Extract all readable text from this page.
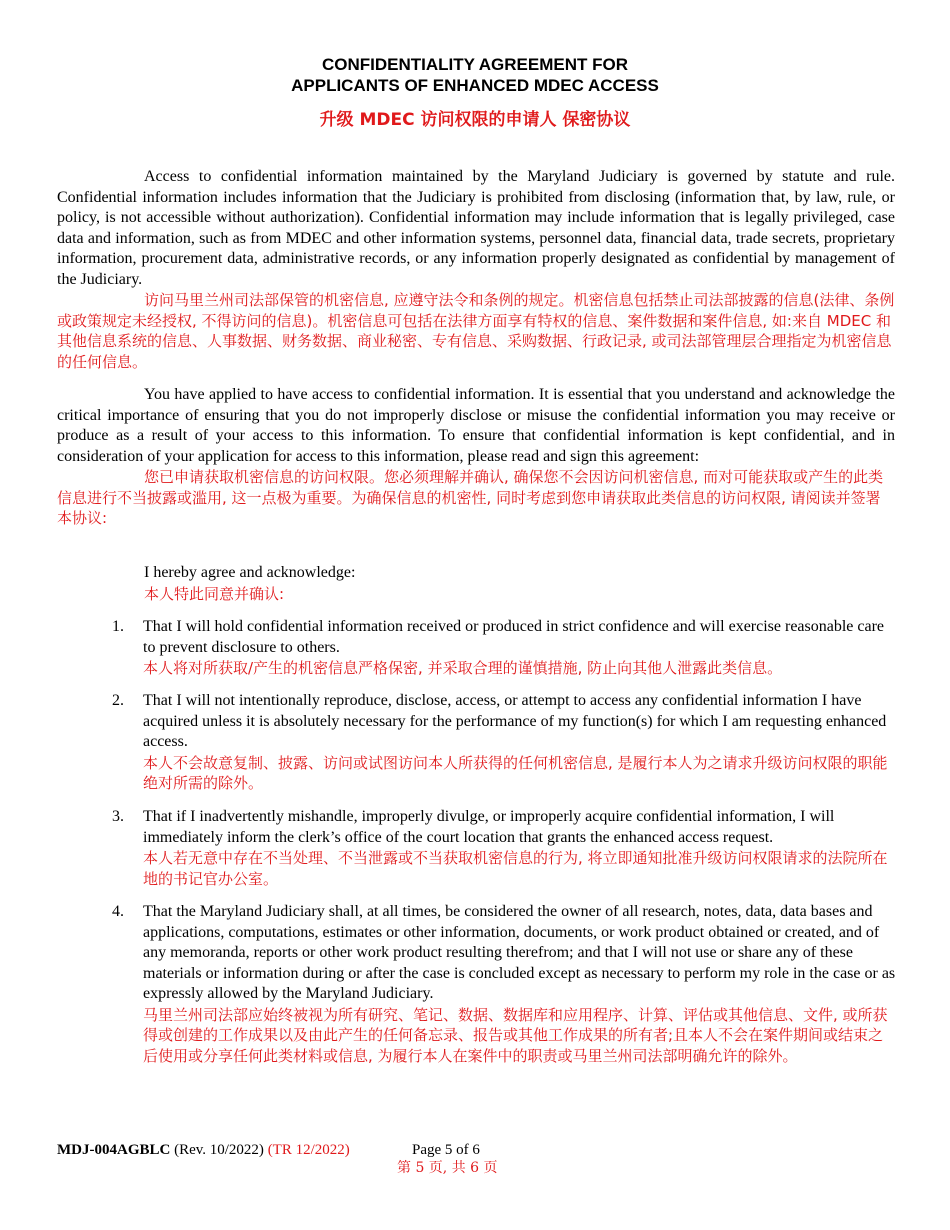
CONFIDENTIALITY AGREEMENT FOR
APPLICANTS OF ENHANCED MDEC ACCESS
升级 MDEC 访问权限的申请人 保密协议

Access to confidential information maintained by the Maryland Judiciary is governed by statute and rule. Confidential information includes information that the Judiciary is prohibited from disclosing (information that, by law, rule, or policy, is not accessible without authorization). Confidential information may include information that is legally privileged, case data and information, such as from MDEC and other information systems, personnel data, financial data, trade secrets, proprietary information, procurement data, administrative records, or any information properly designated as confidential by management of the Judiciary.

访问马里兰州司法部保管的机密信息, 应遵守法令和条例的规定。机密信息包括禁止司法部披露的信息(法律、条例或政策规定未经授权, 不得访问的信息)。机密信息可包括在法律方面享有特权的信息、案件数据和案件信息, 如:来自 MDEC 和其他信息系统的信息、人事数据、财务数据、商业秘密、专有信息、采购数据、行政记录, 或司法部管理层合理指定为机密信息的任何信息。

You have applied to have access to confidential information. It is essential that you understand and acknowledge the critical importance of ensuring that you do not improperly disclose or misuse the confidential information you may receive or produce as a result of your access to this information. To ensure that confidential information is kept confidential, and in consideration of your application for access to this information, please read and sign this agreement:

您已申请获取机密信息的访问权限。您必须理解并确认, 确保您不会因访问机密信息, 而对可能获取或产生的此类信息进行不当披露或滥用, 这一点极为重要。为确保信息的机密性, 同时考虑到您申请获取此类信息的访问权限, 请阅读并签署本协议:

I hereby agree and acknowledge:

本人特此同意并确认:

1.	That I will hold confidential information received or produced in strict confidence and will exercise reasonable care to prevent disclosure to others.

本人将对所获取/产生的机密信息严格保密, 并采取合理的谨慎措施, 防止向其他人泄露此类信息。

2.	That I will not intentionally reproduce, disclose, access, or attempt to access any confidential information I have acquired unless it is absolutely necessary for the performance of my function(s) for which I am requesting enhanced access.

本人不会故意复制、披露、访问或试图访问本人所获得的任何机密信息, 是履行本人为之请求升级访问权限的职能绝对所需的除外。

3.	That if I inadvertently mishandle, improperly divulge, or improperly acquire confidential information, I will immediately inform the clerk’s office of the court location that grants the enhanced access request.

本人若无意中存在不当处理、不当泄露或不当获取机密信息的行为, 将立即通知批准升级访问权限请求的法院所在地的书记官办公室。

4.	That the Maryland Judiciary shall, at all times, be considered the owner of all research, notes, data, data bases and applications, computations, estimates or other information, documents, or work product obtained or created, and of any memoranda, reports or other work product resulting therefrom; and that I will not use or share any of these materials or information during or after the case is concluded except as necessary to perform my role in the case or as expressly allowed by the Maryland Judiciary.

马里兰州司法部应始终被视为所有研究、笔记、数据、数据库和应用程序、计算、评估或其他信息、文件, 或所获得或创建的工作成果以及由此产生的任何备忘录、报告或其他工作成果的所有者;且本人不会在案件期间或结束之后使用或分享任何此类材料或信息, 为履行本人在案件中的职责或马里兰州司法部明确允许的除外。

MDJ-004AGBLC (Rev. 10/2022) (TR 12/2022)	Page 5 of 6
第 5 页, 共 6 页
